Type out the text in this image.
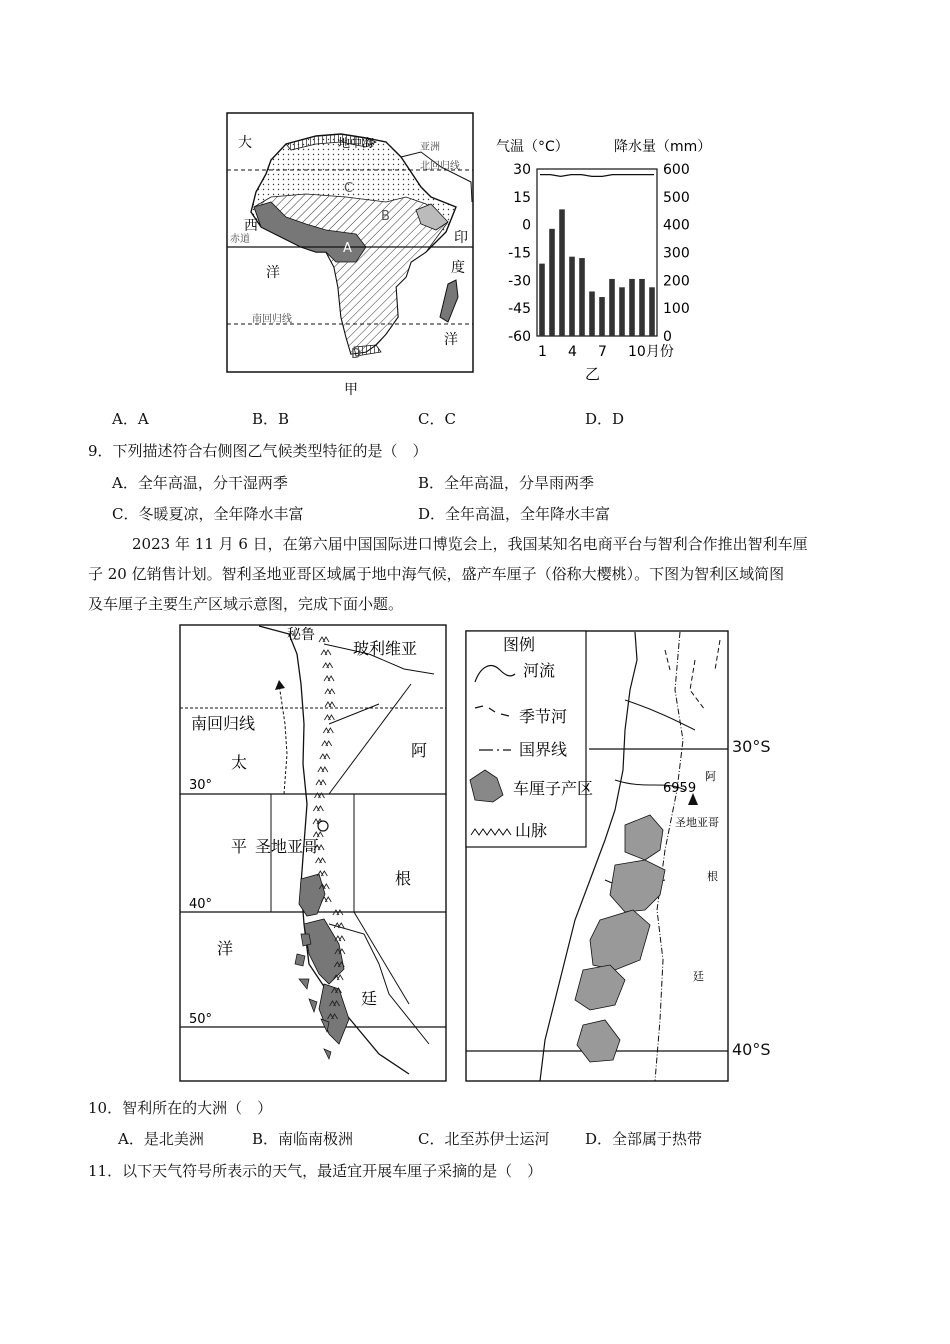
大
西
洋
印
度
洋
地中海	亚洲
北回归线
赤道
南回归线
A
B
C
D
甲
气温（°C）	降水量（mm）
30
15
0
-15
-30
-45
-60
600
500
400
300
200
100
0
1 4 7 10月份
乙
A．A	B．B	C．C	D．D
9．下列描述符合右侧图乙气候类型特征的是（　）
A．全年高温，分干湿两季	B．全年高温，分旱雨两季
C．冬暖夏凉，全年降水丰富	D．全年高温，全年降水丰富
2023 年 11 月 6 日，在第六届中国国际进口博览会上，我国某知名电商平台与智利合作推出智利车厘
子 20 亿销售计划。智利圣地亚哥区域属于地中海气候，盛产车厘子（俗称大樱桃）。下图为智利区域简图
及车厘子主要生产区域示意图，完成下面小题。
秘鲁
玻利维亚
南回归线
太
平
洋
圣地亚哥
阿
根
廷
30°
40°
50°
图例
河流
季节河
国界线
车厘子产区
山脉
6959
圣地亚哥
阿
根
廷
30°S
40°S
10．智利所在的大洲（　）
A．是北美洲	B．南临南极洲	C．北至苏伊士运河 D．全部属于热带
11．以下天气符号所表示的天气，最适宜开展车厘子采摘的是（　）
